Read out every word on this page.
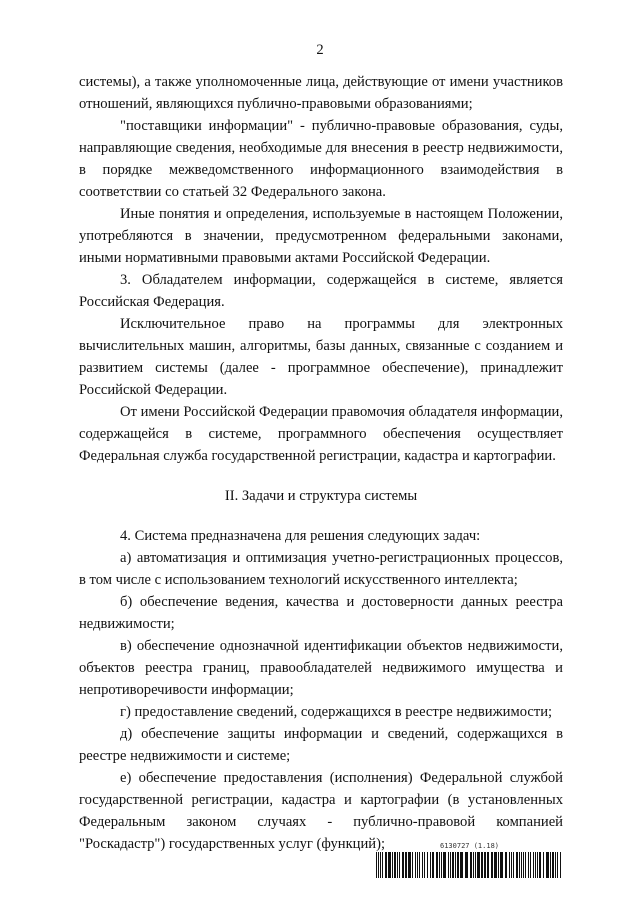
2

системы), а также уполномоченные лица, действующие от имени участников отношений, являющихся публично-правовыми образованиями;

"поставщики информации" - публично-правовые образования, суды, направляющие сведения, необходимые для внесения в реестр недвижимости, в порядке межведомственного информационного взаимодействия в соответствии со статьей 32 Федерального закона.

Иные понятия и определения, используемые в настоящем Положении, употребляются в значении, предусмотренном федеральными законами, иными нормативными правовыми актами Российской Федерации.

3. Обладателем информации, содержащейся в системе, является Российская Федерация.

Исключительное право на программы для электронных вычислительных машин, алгоритмы, базы данных, связанные с созданием и развитием системы (далее - программное обеспечение), принадлежит Российской Федерации.

От имени Российской Федерации правомочия обладателя информации, содержащейся в системе, программного обеспечения осуществляет Федеральная служба государственной регистрации, кадастра и картографии.

II. Задачи и структура системы

4. Система предназначена для решения следующих задач:

а) автоматизация и оптимизация учетно-регистрационных процессов, в том числе с использованием технологий искусственного интеллекта;

б) обеспечение ведения, качества и достоверности данных реестра недвижимости;

в) обеспечение однозначной идентификации объектов недвижимости, объектов реестра границ, правообладателей недвижимого имущества и непротиворечивости информации;

г) предоставление сведений, содержащихся в реестре недвижимости;

д) обеспечение защиты информации и сведений, содержащихся в реестре недвижимости и системе;

е) обеспечение предоставления (исполнения) Федеральной службой государственной регистрации, кадастра и картографии (в установленных Федеральным законом случаях - публично-правовой компанией "Роскадастр") государственных услуг (функций);	6130727 (1.18)
